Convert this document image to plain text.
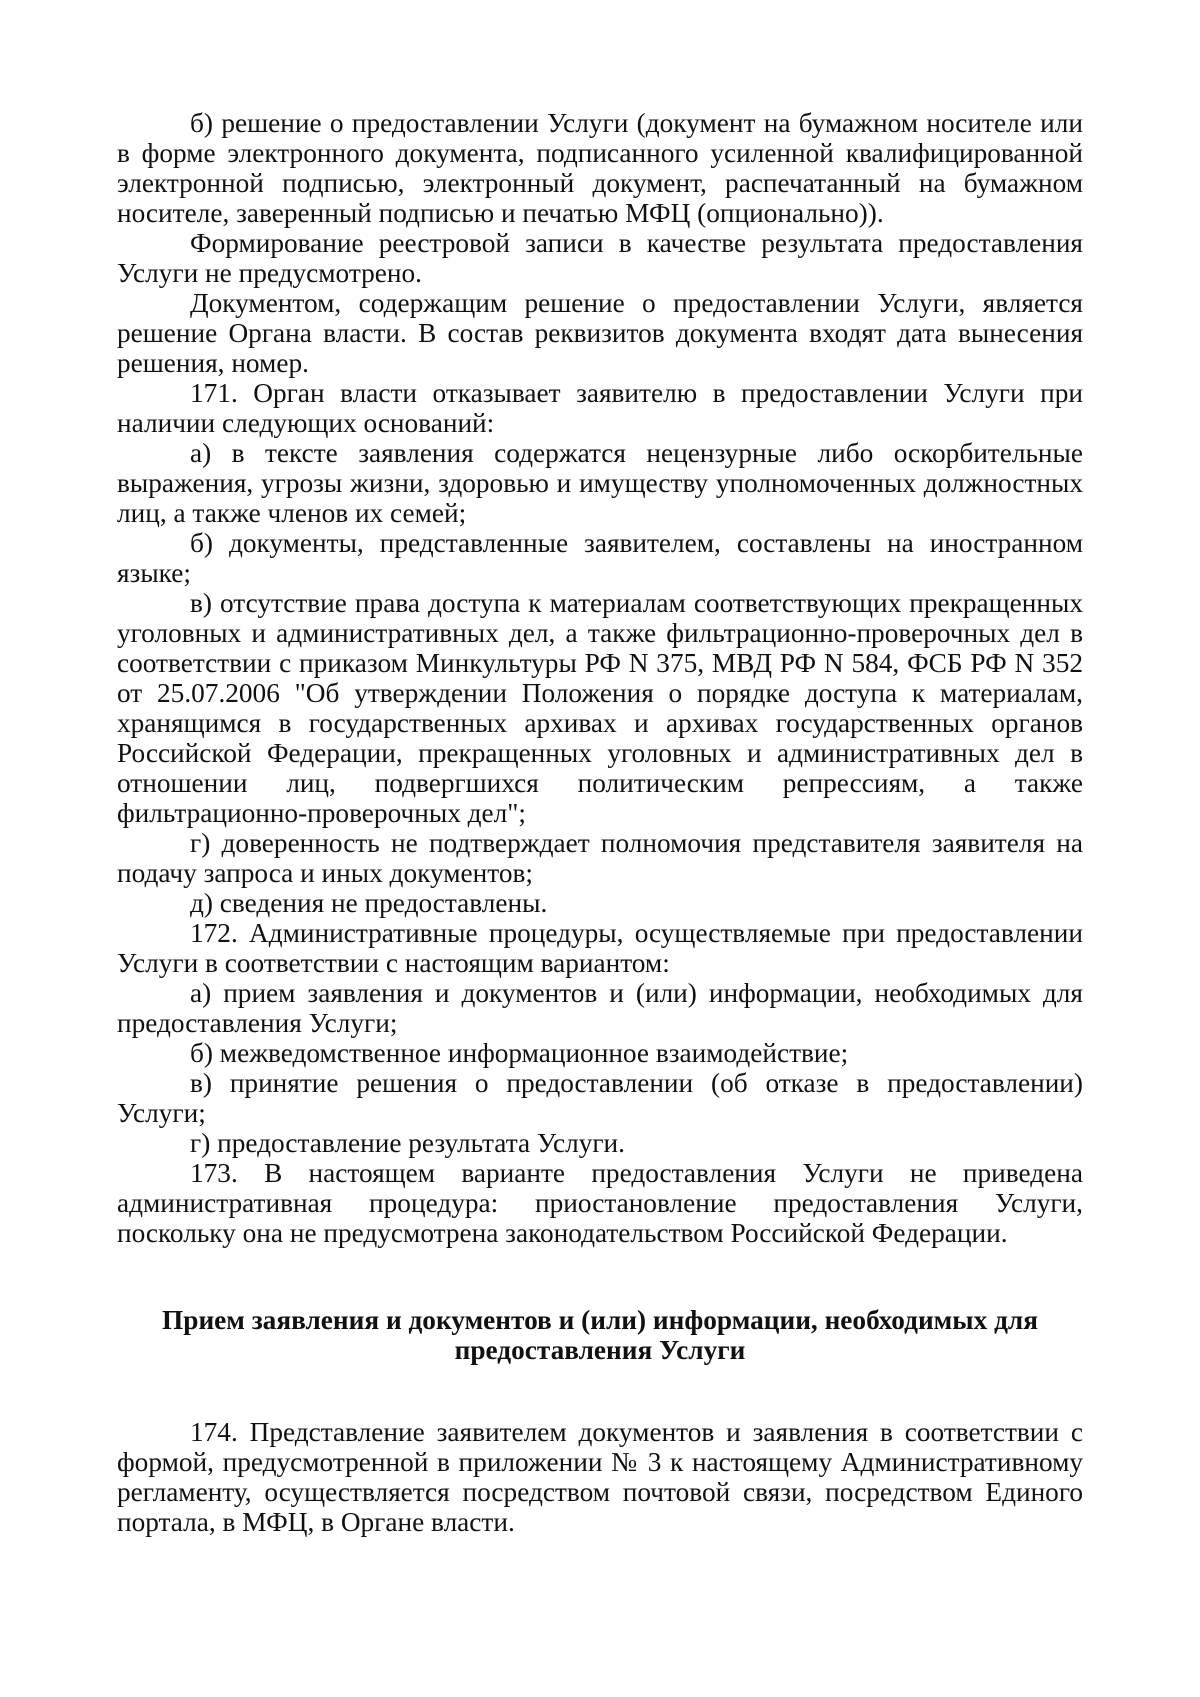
б) решение о предоставлении Услуги (документ на бумажном носителе или в форме электронного документа, подписанного усиленной квалифицированной электронной подписью, электронный документ, распечатанный на бумажном носителе, заверенный подписью и печатью МФЦ (опционально)).

Формирование реестровой записи в качестве результата предоставления Услуги не предусмотрено.

Документом, содержащим решение о предоставлении Услуги, является решение Органа власти. В состав реквизитов документа входят дата вынесения решения, номер.

171. Орган власти отказывает заявителю в предоставлении Услуги при наличии следующих оснований:

а) в тексте заявления содержатся нецензурные либо оскорбительные выражения, угрозы жизни, здоровью и имуществу уполномоченных должностных лиц, а также членов их семей;

б) документы, представленные заявителем, составлены на иностранном языке;

в) отсутствие права доступа к материалам соответствующих прекращенных уголовных и административных дел, а также фильтрационно-проверочных дел в соответствии с приказом Минкультуры РФ N 375, МВД РФ N 584, ФСБ РФ N 352 от 25.07.2006 "Об утверждении Положения о порядке доступа к материалам, хранящимся в государственных архивах и архивах государственных органов Российской Федерации, прекращенных уголовных и административных дел в отношении лиц, подвергшихся политическим репрессиям, а также фильтрационно-проверочных дел";

г) доверенность не подтверждает полномочия представителя заявителя на подачу запроса и иных документов;

д) сведения не предоставлены.

172. Административные процедуры, осуществляемые при предоставлении Услуги в соответствии с настоящим вариантом:

а) прием заявления и документов и (или) информации, необходимых для предоставления Услуги;

б) межведомственное информационное взаимодействие;

в) принятие решения о предоставлении (об отказе в предоставлении) Услуги;

г) предоставление результата Услуги.

173. В настоящем варианте предоставления Услуги не приведена административная процедура: приостановление предоставления Услуги, поскольку она не предусмотрена законодательством Российской Федерации.

Прием заявления и документов и (или) информации, необходимых для
предоставления Услуги

174. Представление заявителем документов и заявления в соответствии с формой, предусмотренной в приложении № 3 к настоящему Административному регламенту, осуществляется посредством почтовой связи, посредством Единого портала, в МФЦ, в Органе власти.
